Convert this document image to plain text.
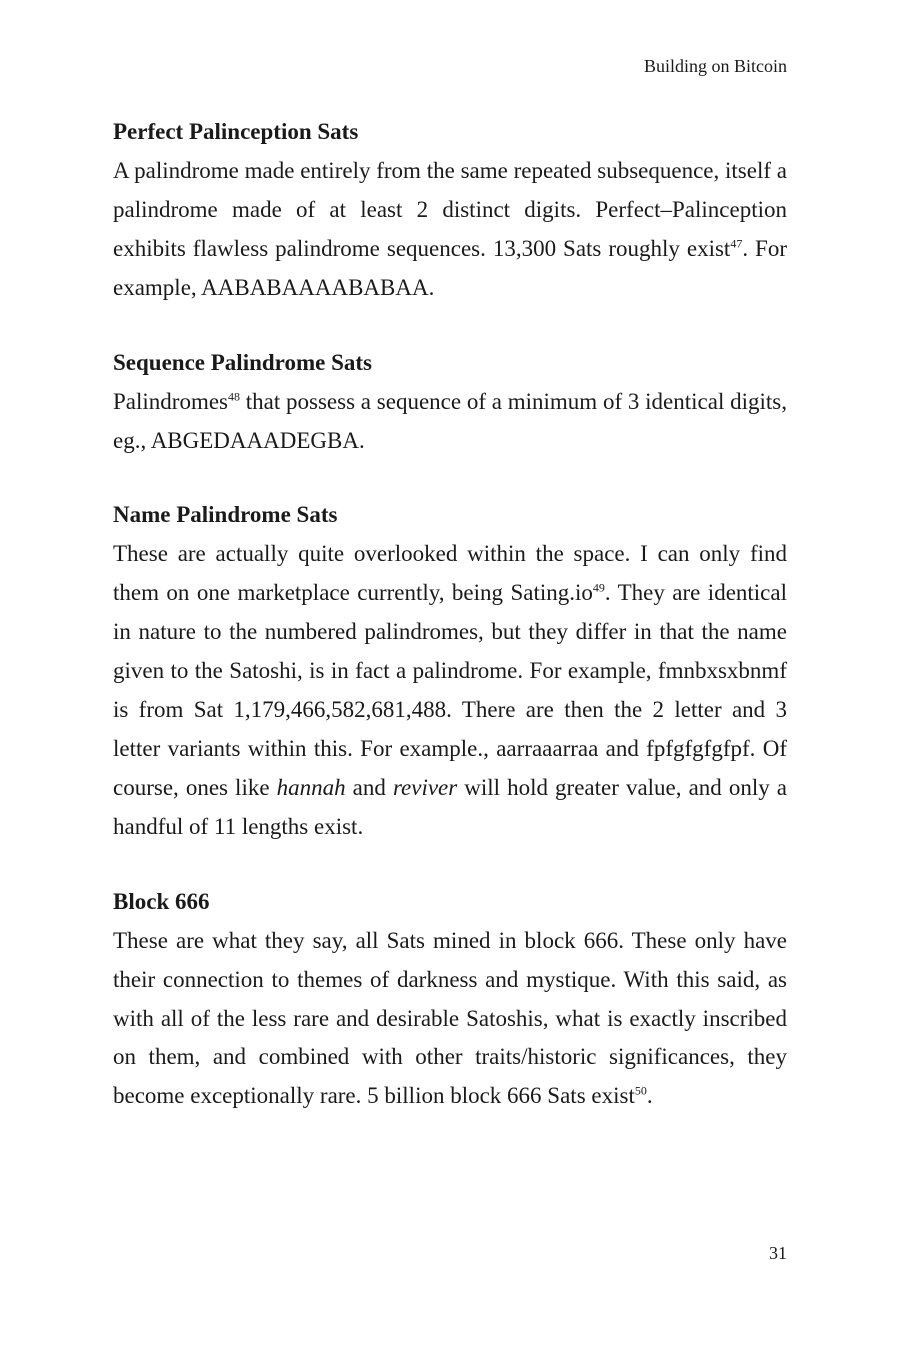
Building on Bitcoin
Perfect Palinception Sats

A palindrome made entirely from the same repeated subsequence, itself a palindrome made of at least 2 distinct digits. Perfect–Palinception exhibits flawless palindrome sequences. 13,300 Sats roughly exist$^{47}$. For example, AABABAAAABABAA.

Sequence Palindrome Sats

Palindromes$^{48}$ that possess a sequence of a minimum of 3 identical digits, eg., ABGEDAAADEGBA.

Name Palindrome Sats

These are actually quite overlooked within the space. I can only find them on one marketplace currently, being $Sating.io^{49}$. They are identical in nature to the numbered palindromes, but they differ in that the name given to the Satoshi, is in fact a palindrome. For example, fmnbxsxbnmf is from Sat 1,179,466,582,681,488. There are then the 2 letter and 3 letter variants within this. For example., aarraaarraa and fpfgfgfgfpf. Of course, ones like hannah and reviver will hold greater value, and only a handful of 11 lengths exist.

Block 666

These are what they say, all Sats mined in block 666. These only have their connection to themes of darkness and mystique. With this said, as with all of the less rare and desirable Satoshis, what is exactly inscribed on them, and combined with other traits/historic significances, they become exceptionally rare. 5 billion block 666 Sats exist$^{50}$.

31
